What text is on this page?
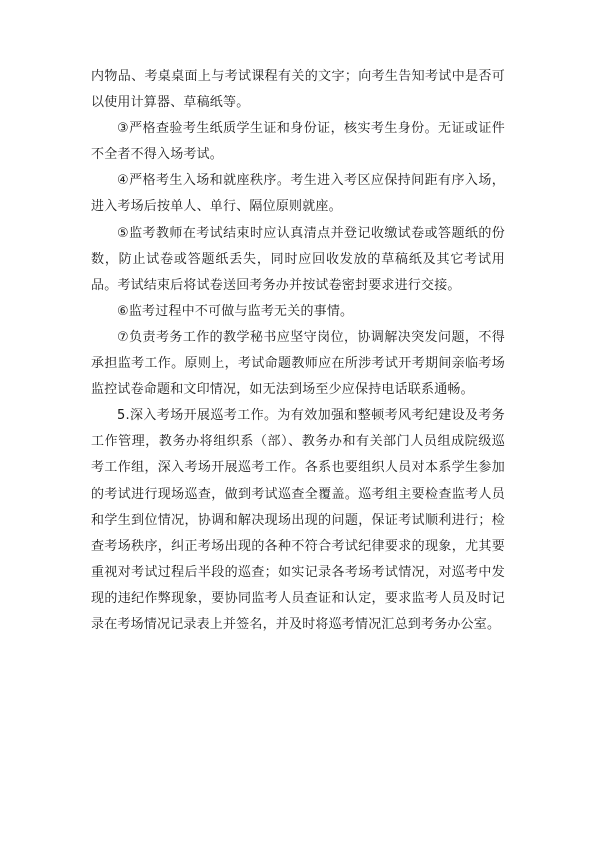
内物品、考桌桌面上与考试课程有关的文字；向考生告知考试中是否可以使用计算器、草稿纸等。

③严格查验考生纸质学生证和身份证，核实考生身份。无证或证件不全者不得入场考试。

④严格考生入场和就座秩序。考生进入考区应保持间距有序入场，进入考场后按单人、单行、隔位原则就座。

⑤监考教师在考试结束时应认真清点并登记收缴试卷或答题纸的份数，防止试卷或答题纸丢失，同时应回收发放的草稿纸及其它考试用品。考试结束后将试卷送回考务办并按试卷密封要求进行交接。

⑥监考过程中不可做与监考无关的事情。

⑦负责考务工作的教学秘书应坚守岗位，协调解决突发问题，不得承担监考工作。原则上，考试命题教师应在所涉考试开考期间亲临考场监控试卷命题和文印情况，如无法到场至少应保持电话联系通畅。

5.深入考场开展巡考工作。为有效加强和整顿考风考纪建设及考务工作管理，教务办将组织系（部）、教务办和有关部门人员组成院级巡考工作组，深入考场开展巡考工作。各系也要组织人员对本系学生参加的考试进行现场巡查，做到考试巡查全覆盖。巡考组主要检查监考人员和学生到位情况，协调和解决现场出现的问题，保证考试顺利进行；检查考场秩序，纠正考场出现的各种不符合考试纪律要求的现象，尤其要重视对考试过程后半段的巡查；如实记录各考场考试情况，对巡考中发现的违纪作弊现象，要协同监考人员查证和认定，要求监考人员及时记录在考场情况记录表上并签名，并及时将巡考情况汇总到考务办公室。
